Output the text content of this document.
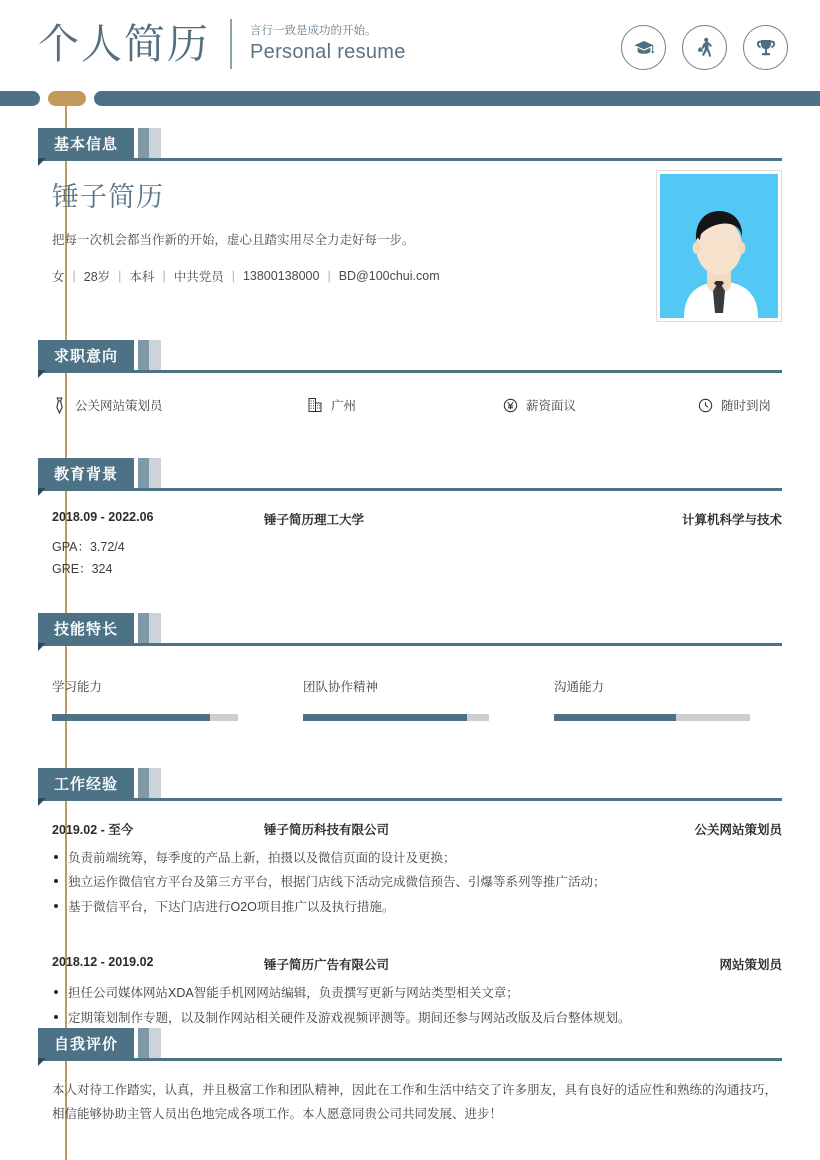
个人简历	言行一致是成功的开始。
Personal resume
基本信息
锤子简历
把每一次机会都当作新的开始，虚心且踏实用尽全力走好每一步。
女 | 28岁 | 本科 | 中共党员 | 13800138000 | BD@100chui.com
求职意向
公关网站策划员	广州	薪资面议	随时到岗
教育背景
2018.09 - 2022.06	锤子简历理工大学	计算机科学与技术
GPA：3.72/4
GRE：324
技能特长
学习能力	团队协作精神	沟通能力
工作经验
2019.02 - 至今	锤子简历科技有限公司	公关网站策划员
负责前端统筹，每季度的产品上新，拍摄以及微信页面的设计及更换；
独立运作微信官方平台及第三方平台，根据门店线下活动完成微信预告、引爆等系列等推广活动；
基于微信平台，下达门店进行O2O项目推广以及执行措施。
2018.12 - 2019.02	锤子简历广告有限公司	网站策划员
担任公司媒体网站XDA智能手机网网站编辑，负责撰写更新与网站类型相关文章；
定期策划制作专题，以及制作网站相关硬件及游戏视频评测等。期间还参与网站改版及后台整体规划。
自我评价
本人对待工作踏实，认真，并且极富工作和团队精神，因此在工作和生活中结交了许多朋友，具有良好的适应性和熟练的沟通技巧，相信能够协助主管人员出色地完成各项工作。本人愿意同贵公司共同发展、进步！
